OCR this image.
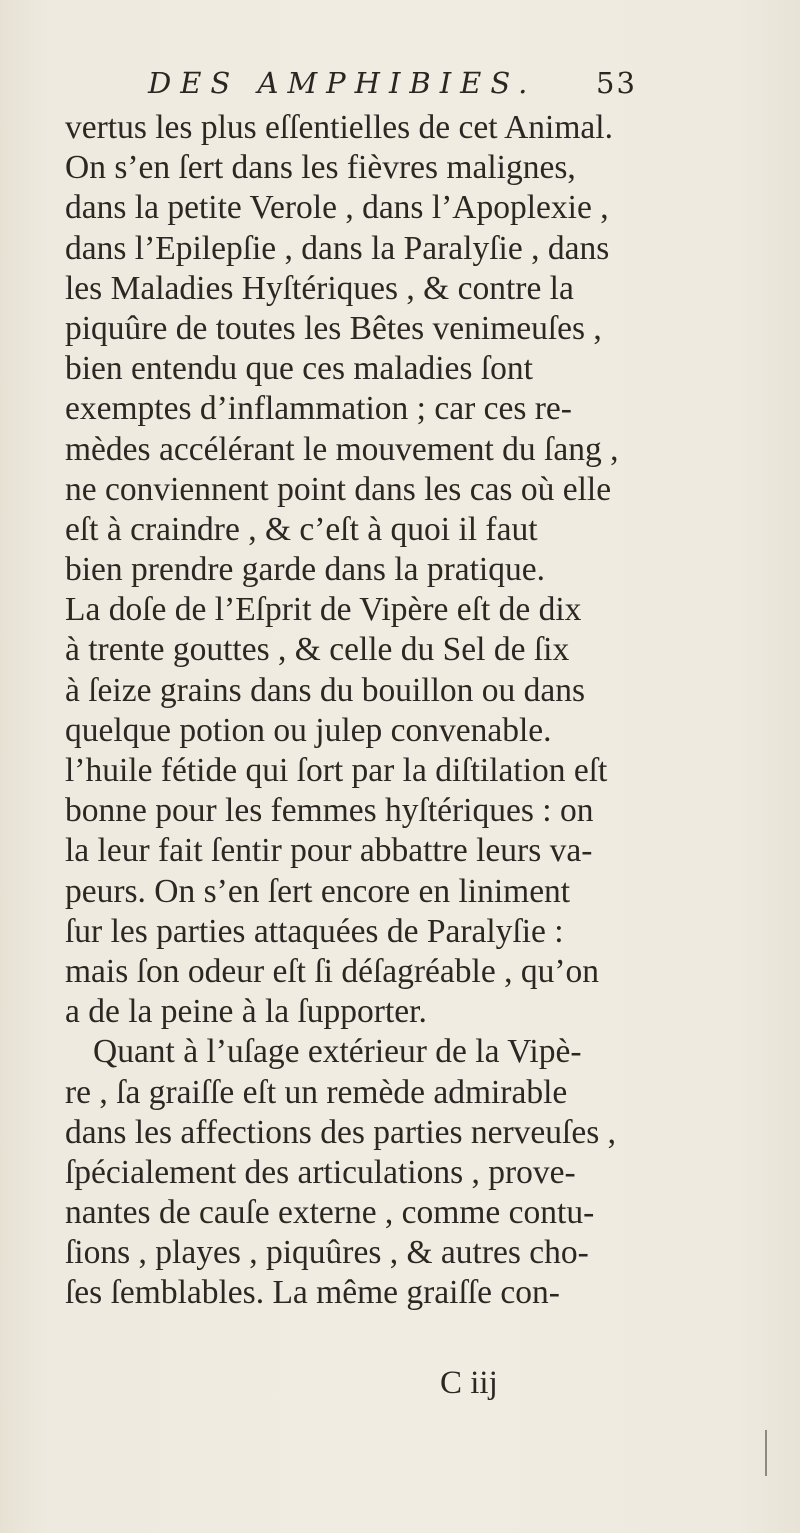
DES AMPHIBIES. 53
vertus les plus eſſentielles de cet Animal.
On s’en ſert dans les fièvres malignes,
dans la petite Verole , dans l’Apoplexie ,
dans l’Epilepſie , dans la Paralyſie , dans
les Maladies Hyſtériques , & contre la
piquûre de toutes les Bêtes venimeuſes ,
bien entendu que ces maladies ſont
exemptes d’inflammation ; car ces re-
mèdes accélérant le mouvement du ſang ,
ne conviennent point dans les cas où elle
eſt à craindre , & c’eſt à quoi il faut
bien prendre garde dans la pratique.
La doſe de l’Eſprit de Vipère eſt de dix
à trente gouttes , & celle du Sel de ſix
à ſeize grains dans du bouillon ou dans
quelque potion ou julep convenable.
l’huile fétide qui ſort par la diſtilation eſt
bonne pour les femmes hyſtériques : on
la leur fait ſentir pour abbattre leurs va-
peurs. On s’en ſert encore en liniment
ſur les parties attaquées de Paralyſie :
mais ſon odeur eſt ſi déſagréable , qu’on
a de la peine à la ſupporter.
Quant à l’uſage extérieur de la Vipè-
re , ſa graiſſe eſt un remède admirable
dans les affections des parties nerveuſes ,
ſpécialement des articulations , prove-
nantes de cauſe externe , comme contu-
ſions , playes , piquûres , & autres cho-
ſes ſemblables. La même graiſſe con-
C iij
